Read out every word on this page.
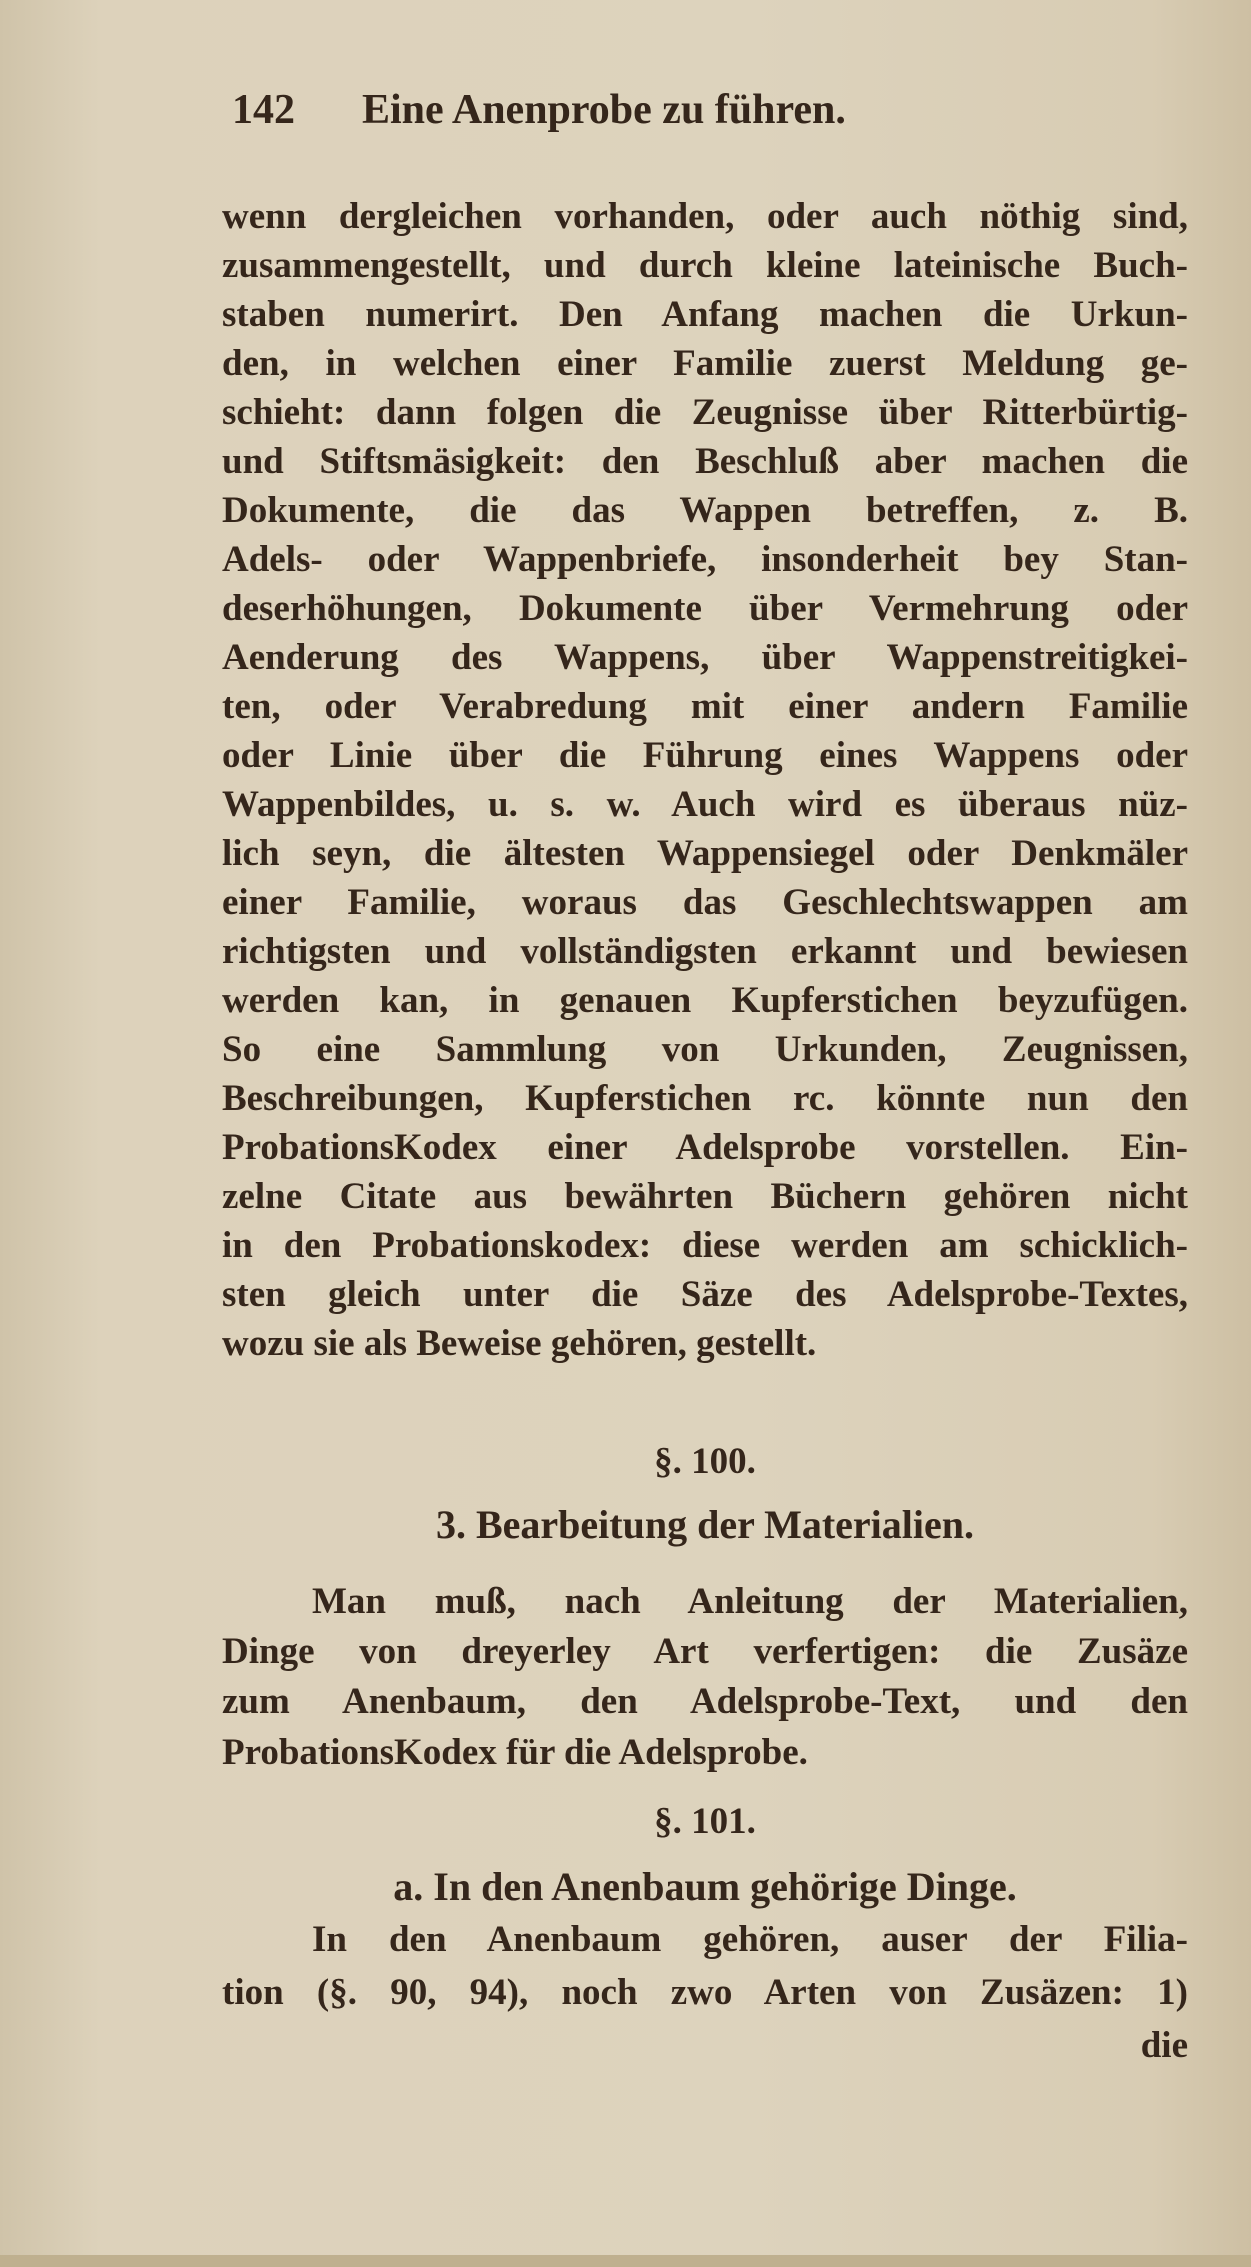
142 Eine Anenprobe zu führen.
wenn dergleichen vorhanden, oder auch nöthig sind,
zusammengestellt, und durch kleine lateinische Buch-
staben numerirt. Den Anfang machen die Urkun-
den, in welchen einer Familie zuerst Meldung ge-
schieht: dann folgen die Zeugnisse über Ritterbürtig-
und Stiftsmäsigkeit: den Beschluß aber machen die
Dokumente, die das Wappen betreffen, z. B.
Adels- oder Wappenbriefe, insonderheit bey Stan-
deserhöhungen, Dokumente über Vermehrung oder
Aenderung des Wappens, über Wappenstreitigkei-
ten, oder Verabredung mit einer andern Familie
oder Linie über die Führung eines Wappens oder
Wappenbildes, u. s. w. Auch wird es überaus nüz-
lich seyn, die ältesten Wappensiegel oder Denkmäler
einer Familie, woraus das Geschlechtswappen am
richtigsten und vollständigsten erkannt und bewiesen
werden kan, in genauen Kupferstichen beyzufügen.
So eine Sammlung von Urkunden, Zeugnissen,
Beschreibungen, Kupferstichen rc. könnte nun den
ProbationsKodex einer Adelsprobe vorstellen. Ein-
zelne Citate aus bewährten Büchern gehören nicht
in den Probationskodex: diese werden am schicklich-
sten gleich unter die Säze des Adelsprobe-Textes,
wozu sie als Beweise gehören, gestellt.
§. 100.
3. Bearbeitung der Materialien.
Man muß, nach Anleitung der Materialien,
Dinge von dreyerley Art verfertigen: die Zusäze
zum Anenbaum, den Adelsprobe-Text, und den
ProbationsKodex für die Adelsprobe.
§. 101.
a. In den Anenbaum gehörige Dinge.
In den Anenbaum gehören, auser der Filia-
tion (§. 90, 94), noch zwo Arten von Zusäzen: 1)
die
